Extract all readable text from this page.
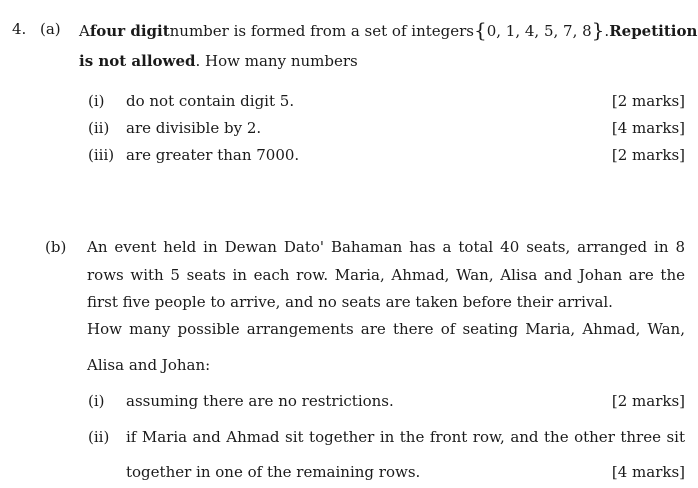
4. (a) A four digit number is formed from a set of integers {0, 1, 4, 5, 7, 8}. Repetition
is not allowed. How many numbers
(i) do not contain digit 5.	[2 marks]
(ii) are divisible by 2.	[4 marks]
(iii) are greater than 7000.	[2 marks]
(b) An event held in Dewan Dato' Bahaman has a total 40 seats, arranged in 8
rows with 5 seats in each row. Maria, Ahmad, Wan, Alisa and Johan are the
first five people to arrive, and no seats are taken before their arrival.
How many possible arrangements are there of seating Maria, Ahmad, Wan,
Alisa and Johan:
(i) assuming there are no restrictions.	[2 marks]
(ii) if Maria and Ahmad sit together in the front row, and the other three sit
together in one of the remaining rows.	[4 marks]
